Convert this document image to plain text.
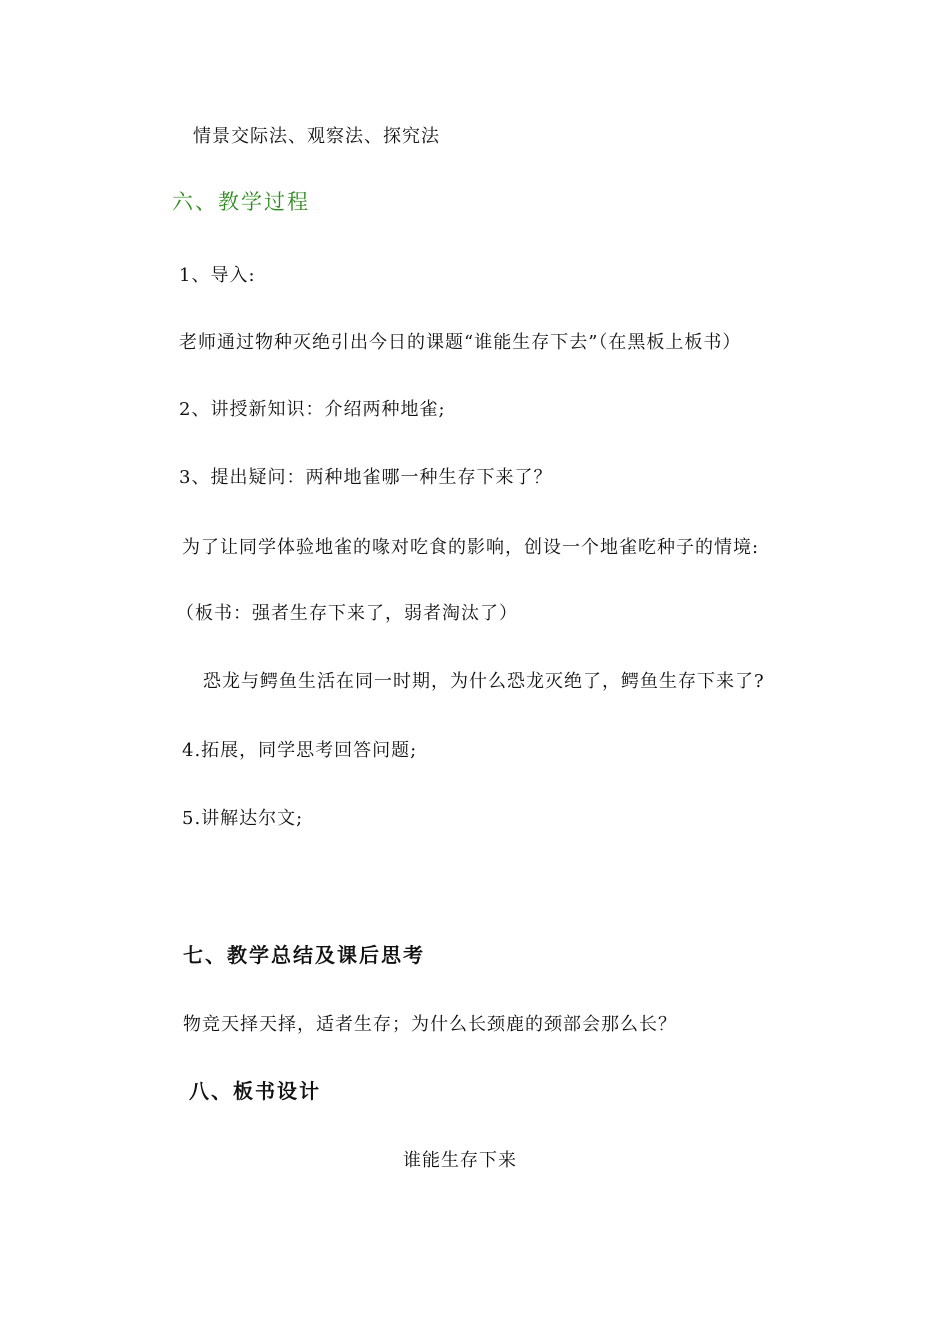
情景交际法、观察法、探究法
六、教学过程
1、导入:
老师通过物种灭绝引出今日的课题“谁能生存下去”（在黑板上板书）
2、讲授新知识：介绍两种地雀;
3、提出疑问：两种地雀哪一种生存下来了？
为了让同学体验地雀的喙对吃食的影响，创设一个地雀吃种子的情境:
（板书：强者生存下来了，弱者淘汰了）
恐龙与鳄鱼生活在同一时期，为什么恐龙灭绝了，鳄鱼生存下来了?
4.拓展，同学思考回答问题;
5.讲解达尔文;
七、教学总结及课后思考
物竞天择天择，适者生存；为什么长颈鹿的颈部会那么长？
八、板书设计
谁能生存下来
